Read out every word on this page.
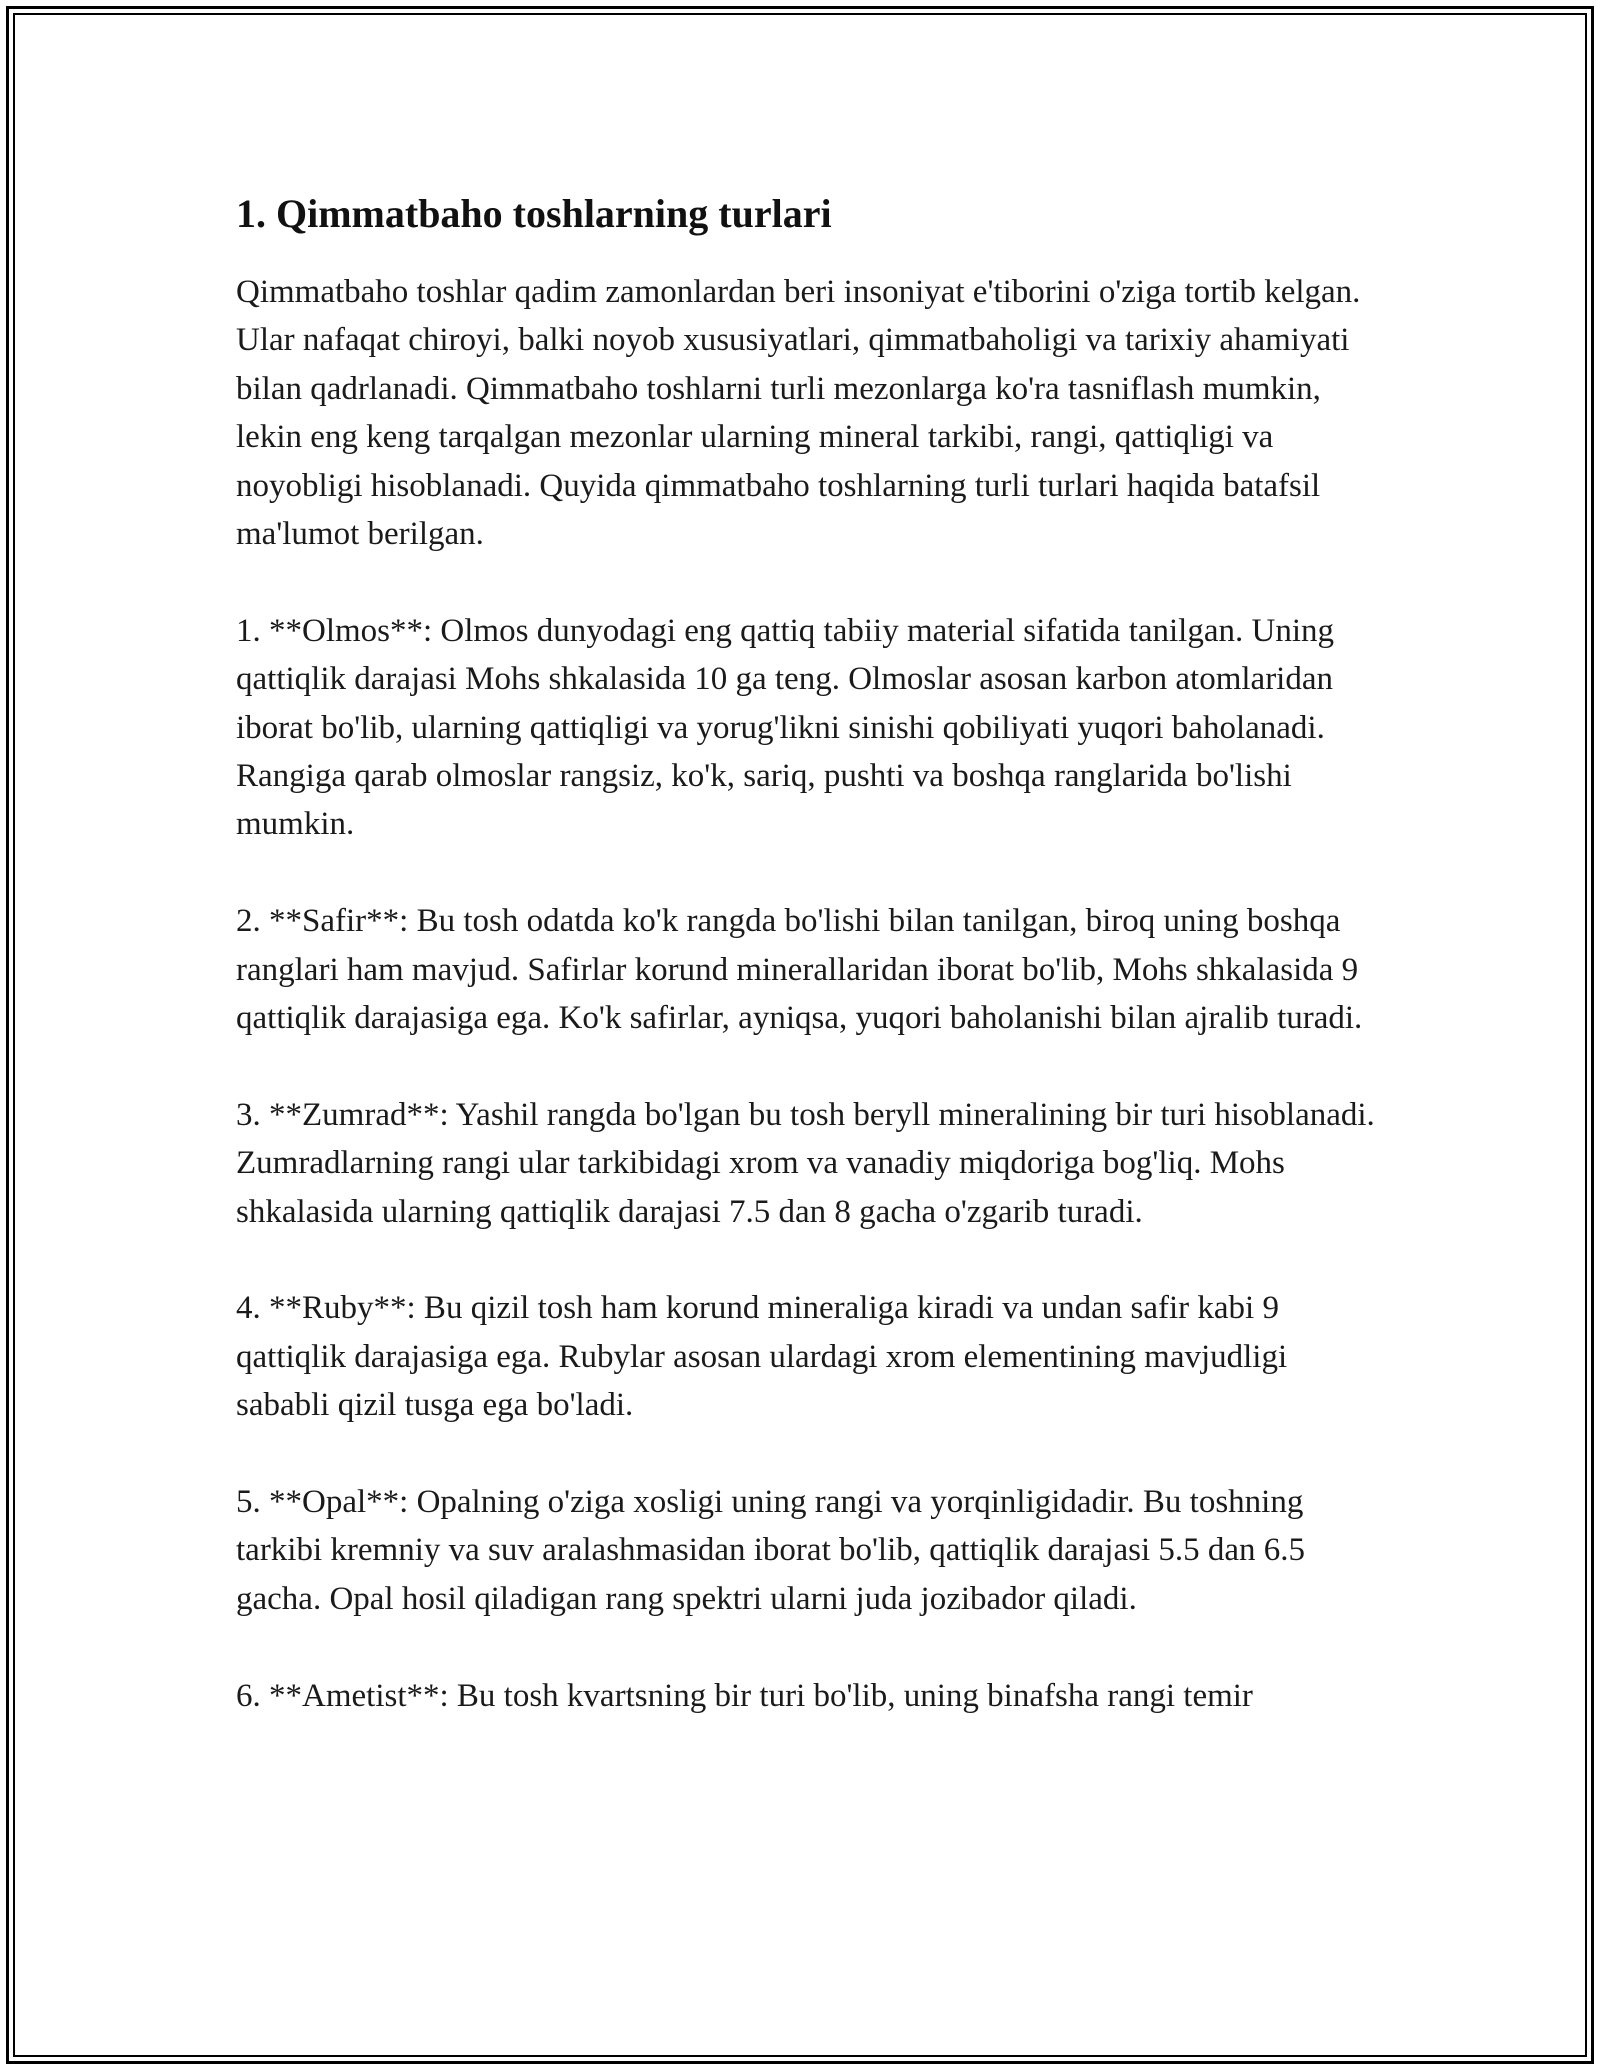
1. Qimmatbaho toshlarning turlari

Qimmatbaho toshlar qadim zamonlardan beri insoniyat e'tiborini o'ziga tortib kelgan. Ular nafaqat chiroyi, balki noyob xususiyatlari, qimmatbaholigi va tarixiy ahamiyati bilan qadrlanadi. Qimmatbaho toshlarni turli mezonlarga ko'ra tasniflash mumkin, lekin eng keng tarqalgan mezonlar ularning mineral tarkibi, rangi, qattiqligi va noyobligi hisoblanadi. Quyida qimmatbaho toshlarning turli turlari haqida batafsil ma'lumot berilgan.

1. **Olmos**: Olmos dunyodagi eng qattiq tabiiy material sifatida tanilgan. Uning qattiqlik darajasi Mohs shkalasida 10 ga teng. Olmoslar asosan karbon atomlaridan iborat bo'lib, ularning qattiqligi va yorug'likni sinishi qobiliyati yuqori baholanadi. Rangiga qarab olmoslar rangsiz, ko'k, sariq, pushti va boshqa ranglarida bo'lishi mumkin.

2. **Safir**: Bu tosh odatda ko'k rangda bo'lishi bilan tanilgan, biroq uning boshqa ranglari ham mavjud. Safirlar korund minerallaridan iborat bo'lib, Mohs shkalasida 9 qattiqlik darajasiga ega. Ko'k safirlar, ayniqsa, yuqori baholanishi bilan ajralib turadi.

3. **Zumrad**: Yashil rangda bo'lgan bu tosh beryll mineralining bir turi hisoblanadi. Zumradlarning rangi ular tarkibidagi xrom va vanadiy miqdoriga bog'liq. Mohs shkalasida ularning qattiqlik darajasi 7.5 dan 8 gacha o'zgarib turadi.

4. **Ruby**: Bu qizil tosh ham korund mineraliga kiradi va undan safir kabi 9 qattiqlik darajasiga ega. Rubylar asosan ulardagi xrom elementining mavjudligi sababli qizil tusga ega bo'ladi.

5. **Opal**: Opalning o'ziga xosligi uning rangi va yorqinligidadir. Bu toshning tarkibi kremniy va suv aralashmasidan iborat bo'lib, qattiqlik darajasi 5.5 dan 6.5 gacha. Opal hosil qiladigan rang spektri ularni juda jozibador qiladi.

6. **Ametist**: Bu tosh kvartsning bir turi bo'lib, uning binafsha rangi temir
